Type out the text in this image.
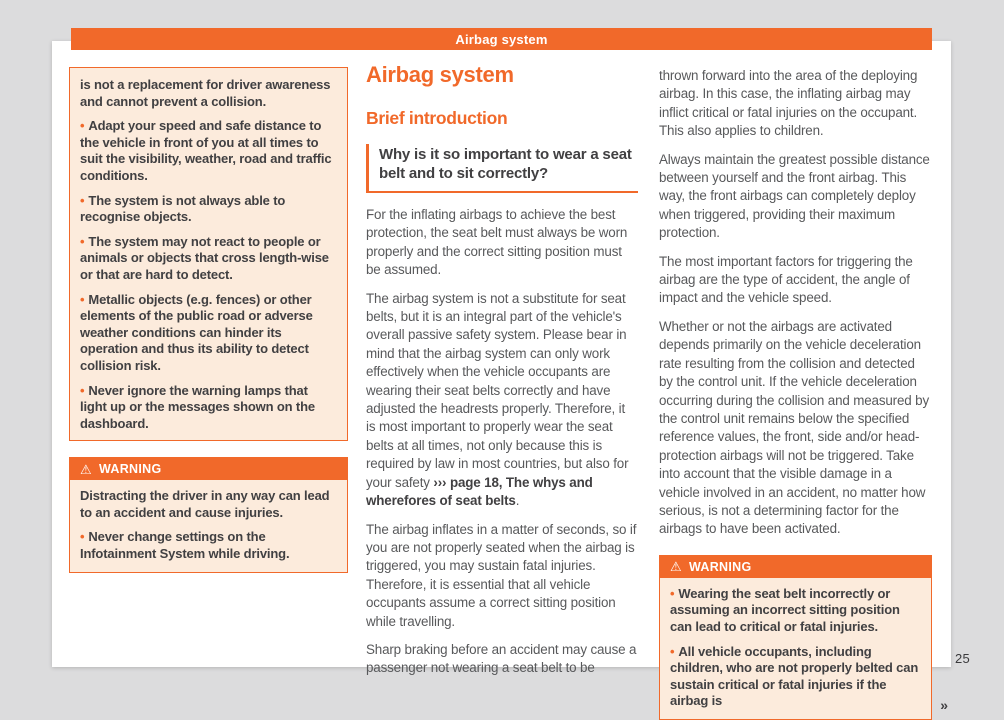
Airbag system

is not a replacement for driver awareness and cannot prevent a collision.

• Adapt your speed and safe distance to the vehicle in front of you at all times to suit the visibility, weather, road and traffic conditions.

• The system is not always able to recognise objects.

• The system may not react to people or animals or objects that cross length-wise or that are hard to detect.

• Metallic objects (e.g. fences) or other elements of the public road or adverse weather conditions can hinder its operation and thus its ability to detect collision risk.

• Never ignore the warning lamps that light up or the messages shown on the dashboard.

⚠ WARNING

Distracting the driver in any way can lead to an accident and cause injuries.

• Never change settings on the Infotainment System while driving.

Airbag system
Brief introduction
Why is it so important to wear a seat belt and to sit correctly?

For the inflating airbags to achieve the best protection, the seat belt must always be worn properly and the correct sitting position must be assumed.

The airbag system is not a substitute for seat belts, but it is an integral part of the vehicle's overall passive safety system. Please bear in mind that the airbag system can only work effectively when the vehicle occupants are wearing their seat belts correctly and have adjusted the headrests properly. Therefore, it is most important to properly wear the seat belts at all times, not only because this is required by law in most countries, but also for your safety ››› page 18, The whys and wherefores of seat belts.

The airbag inflates in a matter of seconds, so if you are not properly seated when the airbag is triggered, you may sustain fatal injuries. Therefore, it is essential that all vehicle occupants assume a correct sitting position while travelling.

Sharp braking before an accident may cause a passenger not wearing a seat belt to be

thrown forward into the area of the deploying airbag. In this case, the inflating airbag may inflict critical or fatal injuries on the occupant. This also applies to children.

Always maintain the greatest possible distance between yourself and the front airbag. This way, the front airbags can completely deploy when triggered, providing their maximum protection.

The most important factors for triggering the airbag are the type of accident, the angle of impact and the vehicle speed.

Whether or not the airbags are activated depends primarily on the vehicle deceleration rate resulting from the collision and detected by the control unit. If the vehicle deceleration occurring during the collision and measured by the control unit remains below the specified reference values, the front, side and/or head-protection airbags will not be triggered. Take into account that the visible damage in a vehicle involved in an accident, no matter how serious, is not a determining factor for the airbags to have been activated.

⚠ WARNING

• Wearing the seat belt incorrectly or assuming an incorrect sitting position can lead to critical or fatal injuries.

• All vehicle occupants, including children, who are not properly belted can sustain critical or fatal injuries if the airbag is	»
25
